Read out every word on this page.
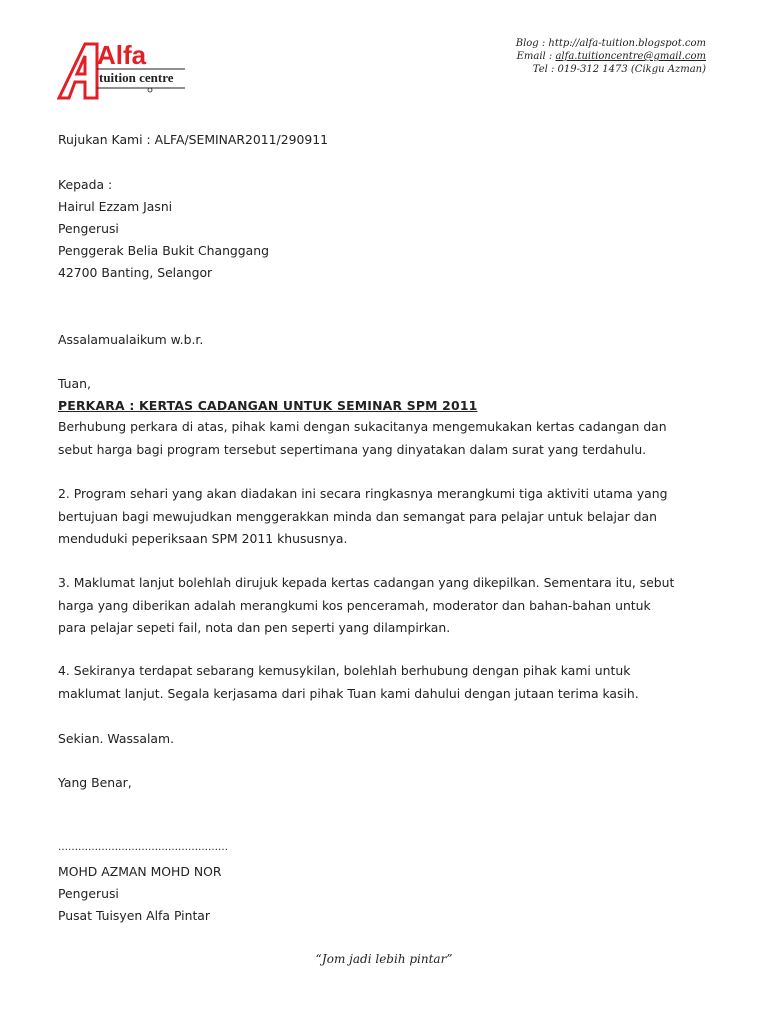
Alfa
tuition centre
Blog : http://alfa-tuition.blogspot.com
Email : alfa.tuitioncentre@gmail.com
Tel : 019-312 1473 (Cikgu Azman)
Rujukan Kami : ALFA/SEMINAR2011/290911
Kepada :
Hairul Ezzam Jasni
Pengerusi
Penggerak Belia Bukit Changgang
42700 Banting, Selangor
Assalamualaikum w.b.r.
Tuan,
PERKARA : KERTAS CADANGAN UNTUK SEMINAR SPM 2011
Berhubung perkara di atas, pihak kami dengan sukacitanya mengemukakan kertas cadangan dan
sebut harga bagi program tersebut sepertimana yang dinyatakan dalam surat yang terdahulu.
2. Program sehari yang akan diadakan ini secara ringkasnya merangkumi tiga aktiviti utama yang
bertujuan bagi mewujudkan menggerakkan minda dan semangat para pelajar untuk belajar dan
menduduki peperiksaan SPM 2011 khususnya.
3. Maklumat lanjut bolehlah dirujuk kepada kertas cadangan yang dikepilkan. Sementara itu, sebut
harga yang diberikan adalah merangkumi kos penceramah, moderator dan bahan-bahan untuk
para pelajar sepeti fail, nota dan pen seperti yang dilampirkan.
4. Sekiranya terdapat sebarang kemusykilan, bolehlah berhubung dengan pihak kami untuk
maklumat lanjut. Segala kerjasama dari pihak Tuan kami dahului dengan jutaan terima kasih.
Sekian. Wassalam.
Yang Benar,
……………………………………………
MOHD AZMAN MOHD NOR
Pengerusi
Pusat Tuisyen Alfa Pintar
“Jom jadi lebih pintar”
